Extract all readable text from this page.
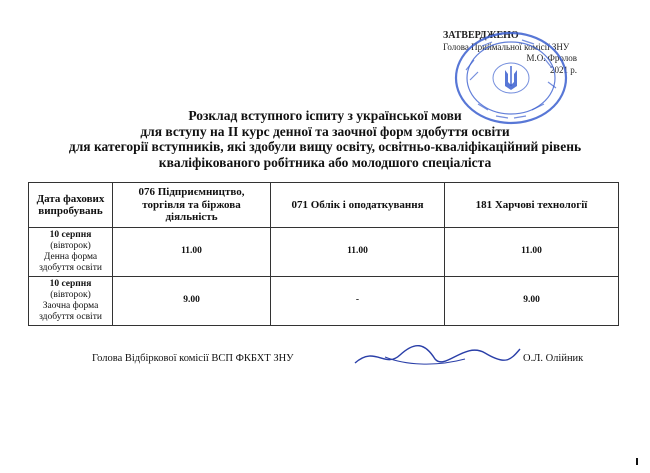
ЗАТВЕРДЖЕНО
Голова Приймальної комісії ЗНУ
М.О. Фролов
2021 р.
Розклад вступного іспиту з української мови
для вступу на II курс денної та заочної форм здобуття освіти
для категорії вступників, які здобули вищу освіту, освітньо-кваліфікаційний рівень
кваліфікованого робітника або молодшого спеціаліста
Дата фахових випробувань	076 Підприємництво, торгівля та біржова діяльність	071 Облік і оподаткування	181 Харчові технології

10 серпня
(вівторок)
Денна форма здобуття освіти	11.00	11.00	11.00

10 серпня
(вівторок)
Заочна форма здобуття освіти	9.00	-	9.00
Голова Відбіркової комісії ВСП ФКБХТ ЗНУ	О.Л. Олійник
